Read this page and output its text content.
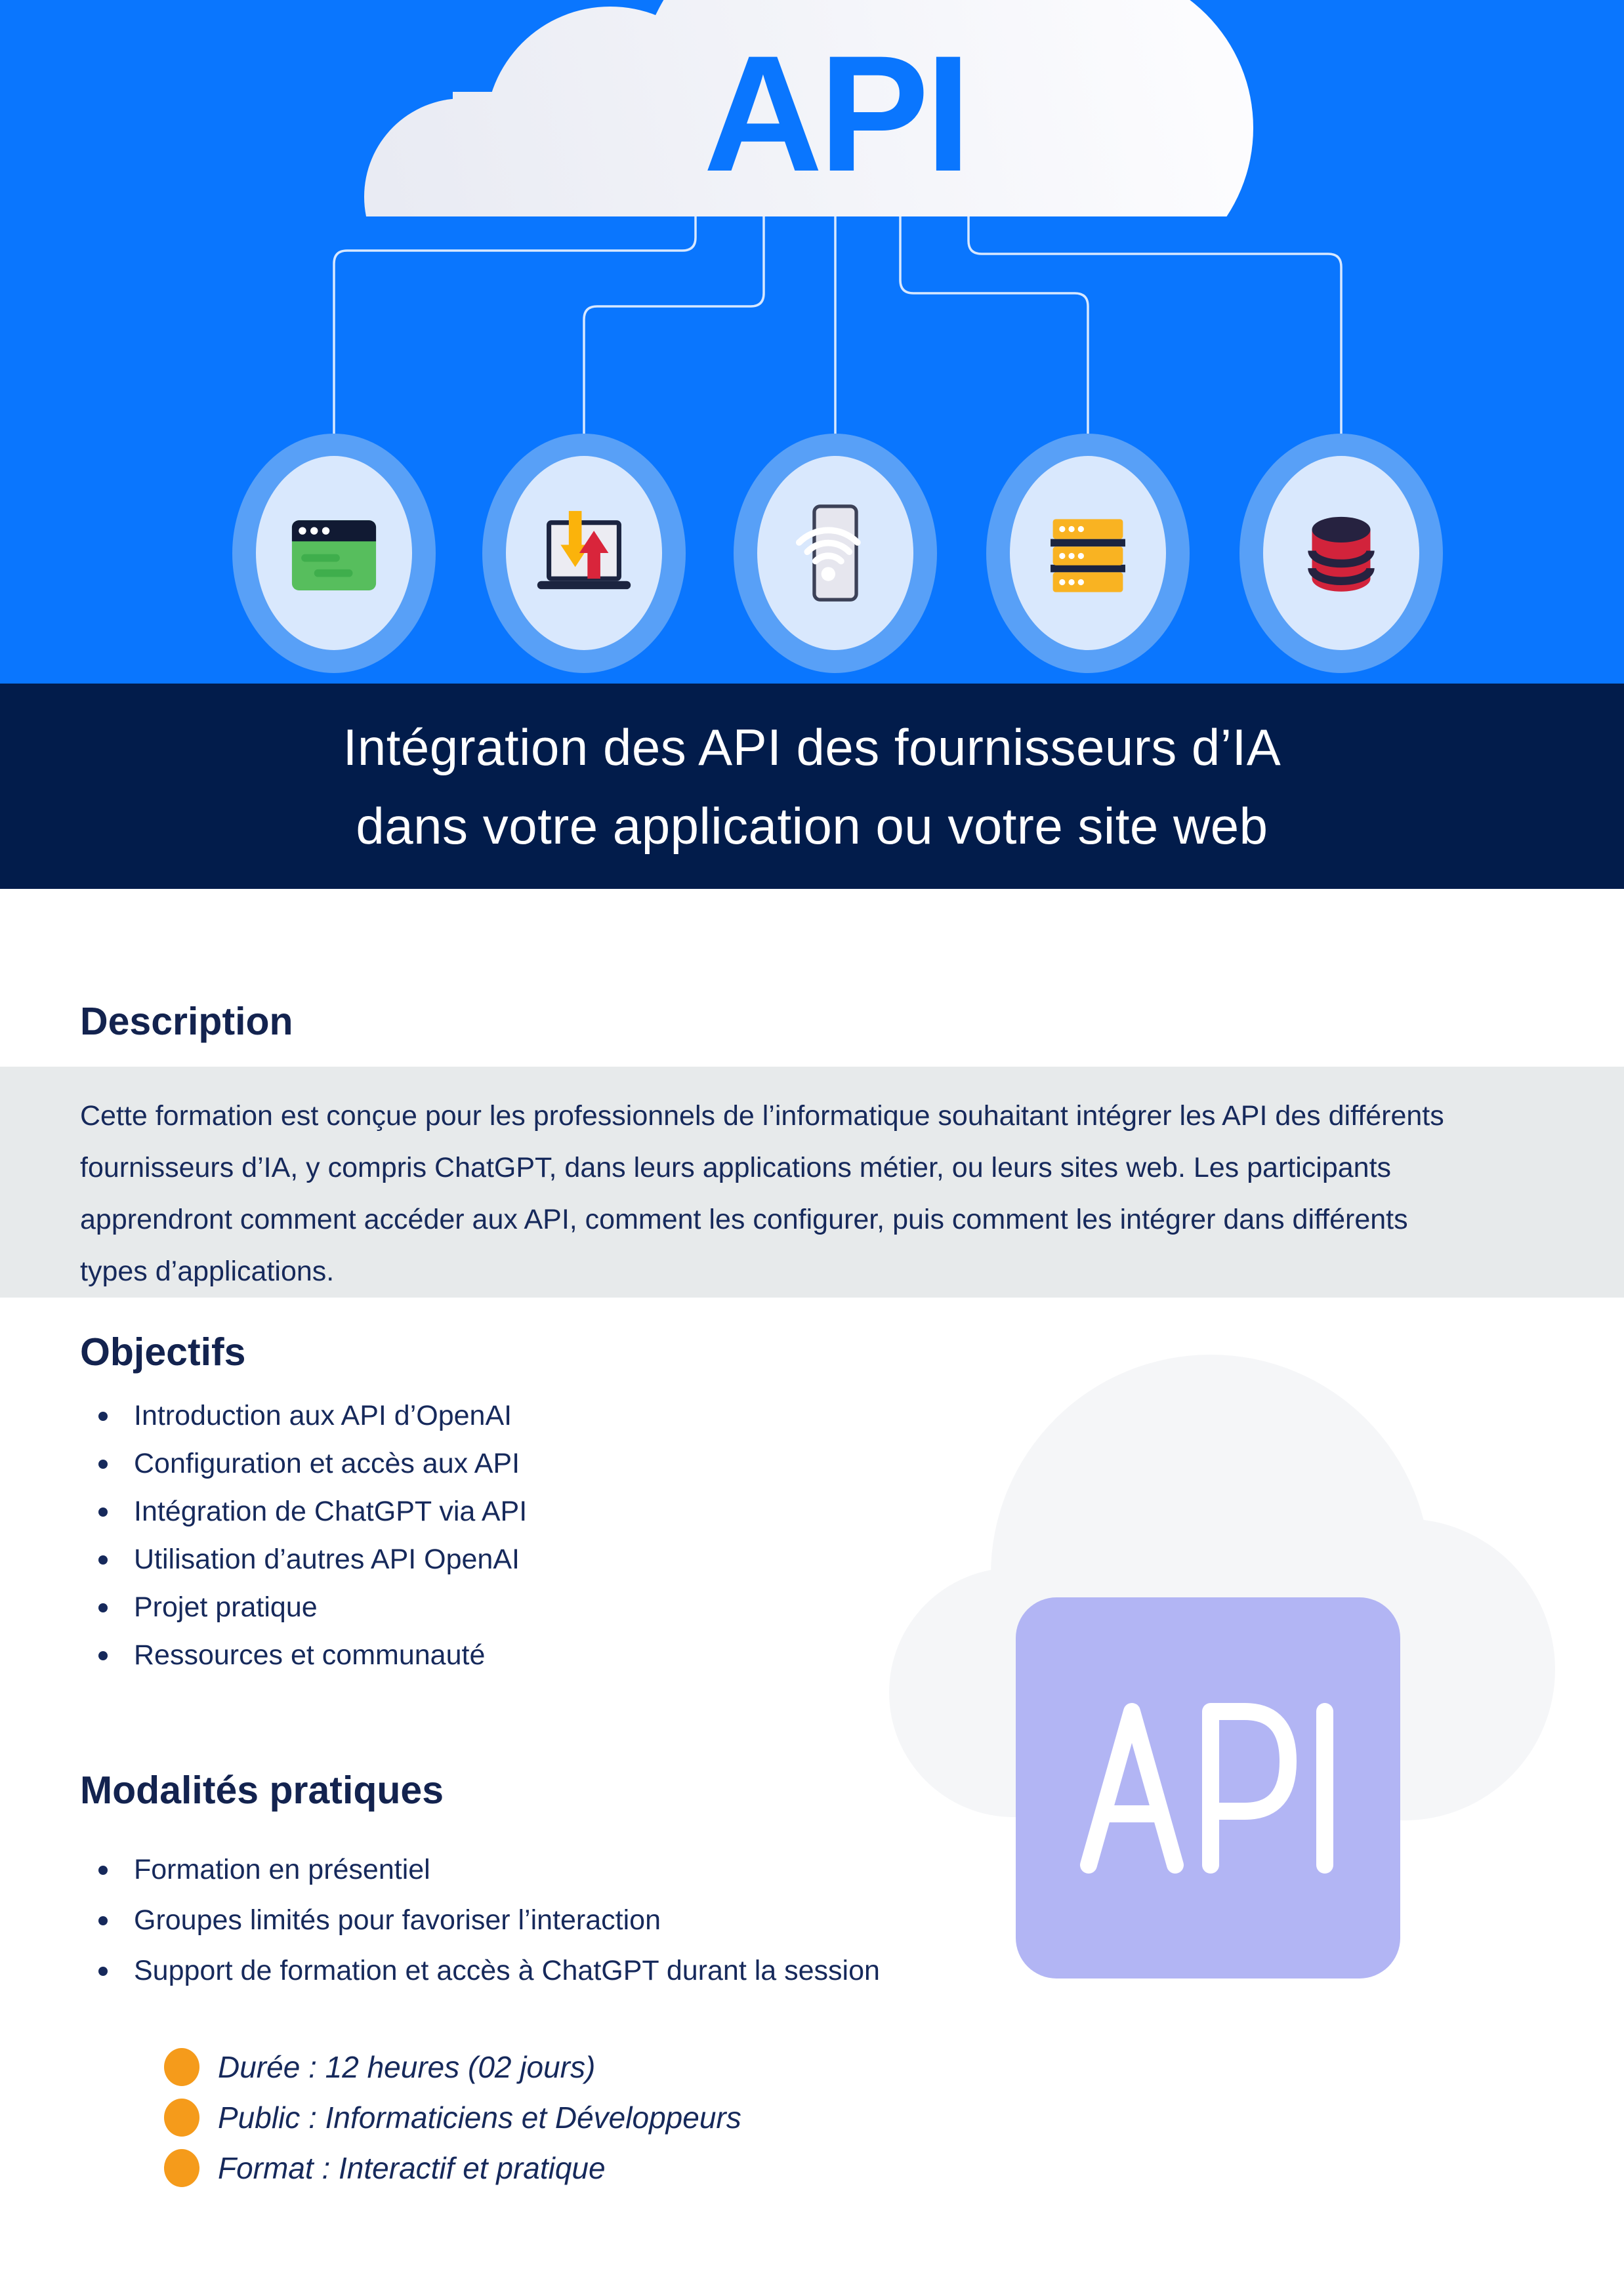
API
Intégration des API des fournisseurs d’IA
dans votre application ou votre site web
Description
Cette formation est conçue pour les professionnels de l’informatique souhaitant intégrer les API des différents fournisseurs d’IA, y compris ChatGPT, dans leurs applications métier, ou leurs sites web. Les participants apprendront comment accéder aux API, comment les configurer, puis comment les intégrer dans différents types d’applications.
Objectifs
Introduction aux API d’OpenAI
Configuration et accès aux API
Intégration de ChatGPT via API
Utilisation d’autres API OpenAI
Projet pratique
Ressources et communauté
Modalités pratiques
Formation en présentiel
Groupes limités pour favoriser l’interaction
Support de formation et accès à ChatGPT durant la session
Durée : 12 heures (02 jours)
Public : Informaticiens et Développeurs
Format : Interactif et pratique
